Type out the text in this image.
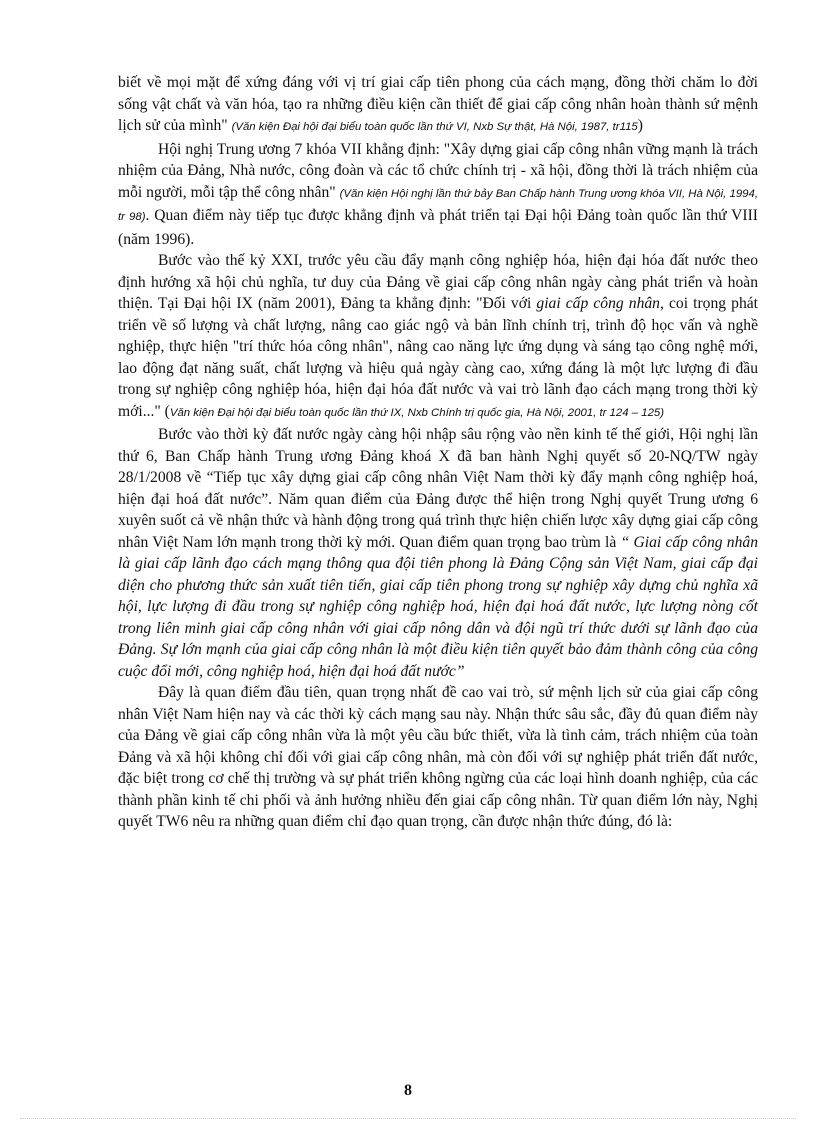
biết về mọi mặt để xứng đáng với vị trí giai cấp tiên phong của cách mạng, đồng thời chăm lo đời sống vật chất và văn hóa, tạo ra những điều kiện cần thiết để giai cấp công nhân hoàn thành sứ mệnh lịch sử của mình" (Văn kiện Đại hội đại biểu toàn quốc lần thứ VI, Nxb Sự thật, Hà Nội, 1987, tr115)

Hội nghị Trung ương 7 khóa VII khẳng định: "Xây dựng giai cấp công nhân vững mạnh là trách nhiệm của Đảng, Nhà nước, công đoàn và các tổ chức chính trị - xã hội, đồng thời là trách nhiệm của mỗi người, mỗi tập thể công nhân" (Văn kiện Hội nghị lần thứ bảy Ban Chấp hành Trung ương khóa VII, Hà Nội, 1994, tr 98). Quan điểm này tiếp tục được khẳng định và phát triển tại Đại hội Đảng toàn quốc lần thứ VIII (năm 1996).

Bước vào thế kỷ XXI, trước yêu cầu đẩy mạnh công nghiệp hóa, hiện đại hóa đất nước theo định hướng xã hội chủ nghĩa, tư duy của Đảng về giai cấp công nhân ngày càng phát triển và hoàn thiện. Tại Đại hội IX (năm 2001), Đảng ta khẳng định: "Đối với giai cấp công nhân, coi trọng phát triển về số lượng và chất lượng, nâng cao giác ngộ và bản lĩnh chính trị, trình độ học vấn và nghề nghiệp, thực hiện "trí thức hóa công nhân", nâng cao năng lực ứng dụng và sáng tạo công nghệ mới, lao động đạt năng suất, chất lượng và hiệu quả ngày càng cao, xứng đáng là một lực lượng đi đầu trong sự nghiệp công nghiệp hóa, hiện đại hóa đất nước và vai trò lãnh đạo cách mạng trong thời kỳ mới..." (Văn kiện Đại hội đại biểu toàn quốc lần thứ IX, Nxb Chính trị quốc gia, Hà Nội, 2001, tr 124 – 125)

Bước vào thời kỳ đất nước ngày càng hội nhập sâu rộng vào nền kinh tế thế giới, Hội nghị lần thứ 6, Ban Chấp hành Trung ương Đảng khoá X đã ban hành Nghị quyết số 20-NQ/TW ngày 28/1/2008 về “Tiếp tục xây dựng giai cấp công nhân Việt Nam thời kỳ đẩy mạnh công nghiệp hoá, hiện đại hoá đất nước”. Năm quan điểm của Đảng được thể hiện trong Nghị quyết Trung ương 6 xuyên suốt cả về nhận thức và hành động trong quá trình thực hiện chiến lược xây dựng giai cấp công nhân Việt Nam lớn mạnh trong thời kỳ mới. Quan điểm quan trọng bao trùm là “ Giai cấp công nhân là giai cấp lãnh đạo cách mạng thông qua đội tiên phong là Đảng Cộng sản Việt Nam, giai cấp đại diện cho phương thức sản xuất tiên tiến, giai cấp tiên phong trong sự nghiệp xây dựng chủ nghĩa xã hội, lực lượng đi đầu trong sự nghiệp công nghiệp hoá, hiện đại hoá đất nước, lực lượng nòng cốt trong liên minh giai cấp công nhân với giai cấp nông dân và đội ngũ trí thức dưới sự lãnh đạo của Đảng. Sự lớn mạnh của giai cấp công nhân là một điều kiện tiên quyết bảo đảm thành công của công cuộc đổi mới, công nghiệp hoá, hiện đại hoá đất nước”

Đây là quan điểm đầu tiên, quan trọng nhất đề cao vai trò, sứ mệnh lịch sử của giai cấp công nhân Việt Nam hiện nay và các thời kỳ cách mạng sau này. Nhận thức sâu sắc, đầy đủ quan điểm này của Đảng về giai cấp công nhân vừa là một yêu cầu bức thiết, vừa là tình cảm, trách nhiệm của toàn Đảng và xã hội không chỉ đối với giai cấp công nhân, mà còn đối với sự nghiệp phát triển đất nước, đặc biệt trong cơ chế thị trường và sự phát triển không ngừng của các loại hình doanh nghiệp, của các thành phần kinh tế chi phối và ảnh hưởng nhiều đến giai cấp công nhân. Từ quan điểm lớn này, Nghị quyết TW6 nêu ra những quan điểm chỉ đạo quan trọng, cần được nhận thức đúng, đó là:

8
